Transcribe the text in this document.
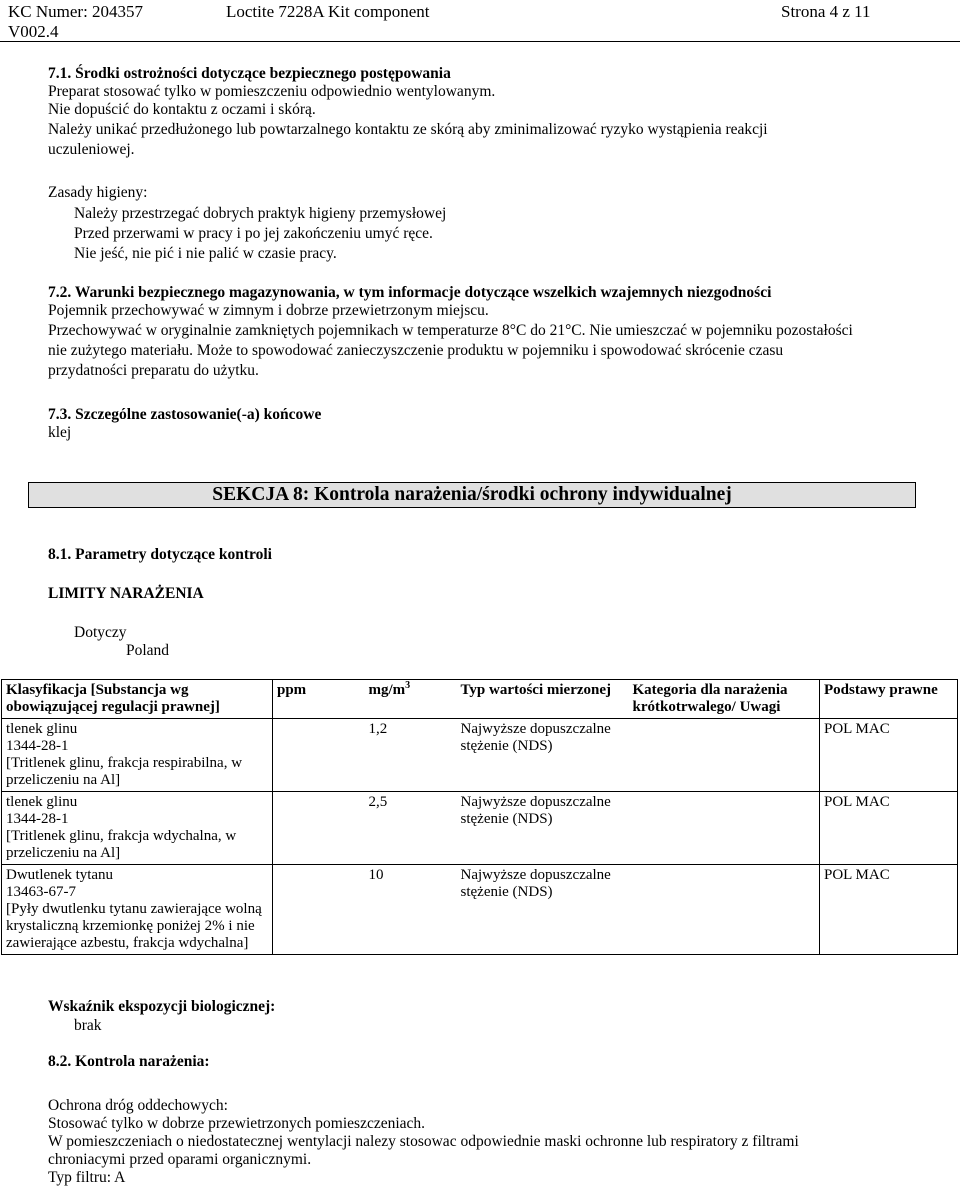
KC Numer: 204357	Loctite 7228A Kit component	Strona 4 z 11
V002.4

7.1. Środki ostrożności dotyczące bezpiecznego postępowania

Preparat stosować tylko w pomieszczeniu odpowiednio wentylowanym.

Nie dopuścić do kontaktu z oczami i skórą.

Należy unikać przedłużonego lub powtarzalnego kontaktu ze skórą aby zminimalizować ryzyko wystąpienia reakcji

uczuleniowej.

Zasady higieny:

Należy przestrzegać dobrych praktyk higieny przemysłowej

Przed przerwami w pracy i po jej zakończeniu umyć ręce.

Nie jeść, nie pić i nie palić w czasie pracy.

7.2. Warunki bezpiecznego magazynowania, w tym informacje dotyczące wszelkich wzajemnych niezgodności

Pojemnik przechowywać w zimnym i dobrze przewietrzonym miejscu.

Przechowywać w oryginalnie zamkniętych pojemnikach w temperaturze 8°C do 21°C. Nie umieszczać w pojemniku pozostałości

nie zużytego materiału. Może to spowodować zanieczyszczenie produktu w pojemniku i spowodować skrócenie czasu

przydatności preparatu do użytku.

7.3. Szczególne zastosowanie(-a) końcowe

klej

SEKCJA 8: Kontrola narażenia/środki ochrony indywidualnej
8.1. Parametry dotyczące kontroli
LIMITY NARAŻENIA
Dotyczy
Poland
Klasyfikacja [Substancja wg obowiązującej regulacji prawnej]	ppm	$mg/m^3$	Typ wartości mierzonej	Kategoria dla narażenia krótkotrwalego/ Uwagi	Podstawy prawne

tlenek glinu
1344-28-1
[Tritlenek glinu, frakcja respirabilna, w przeliczeniu na Al]		1,2	Najwyższe dopuszczalne stężenie (NDS)		POL MAC

tlenek glinu
1344-28-1
[Tritlenek glinu, frakcja wdychalna, w przeliczeniu na Al]		2,5	Najwyższe dopuszczalne stężenie (NDS)		POL MAC

Dwutlenek tytanu
13463-67-7
[Pyły dwutlenku tytanu zawierające wolną krystaliczną krzemionkę poniżej 2% i nie zawierające azbestu, frakcja wdychalna]		10	Najwyższe dopuszczalne stężenie (NDS)		POL MAC
Wskaźnik ekspozycji biologicznej:
brak
8.2. Kontrola narażenia:

Ochrona dróg oddechowych:

Stosować tylko w dobrze przewietrzonych pomieszczeniach.

W pomieszczeniach o niedostatecznej wentylacji nalezy stosowac odpowiednie maski ochronne lub respiratory z filtrami

chroniacymi przed oparami organicznymi.

Typ filtru: A
